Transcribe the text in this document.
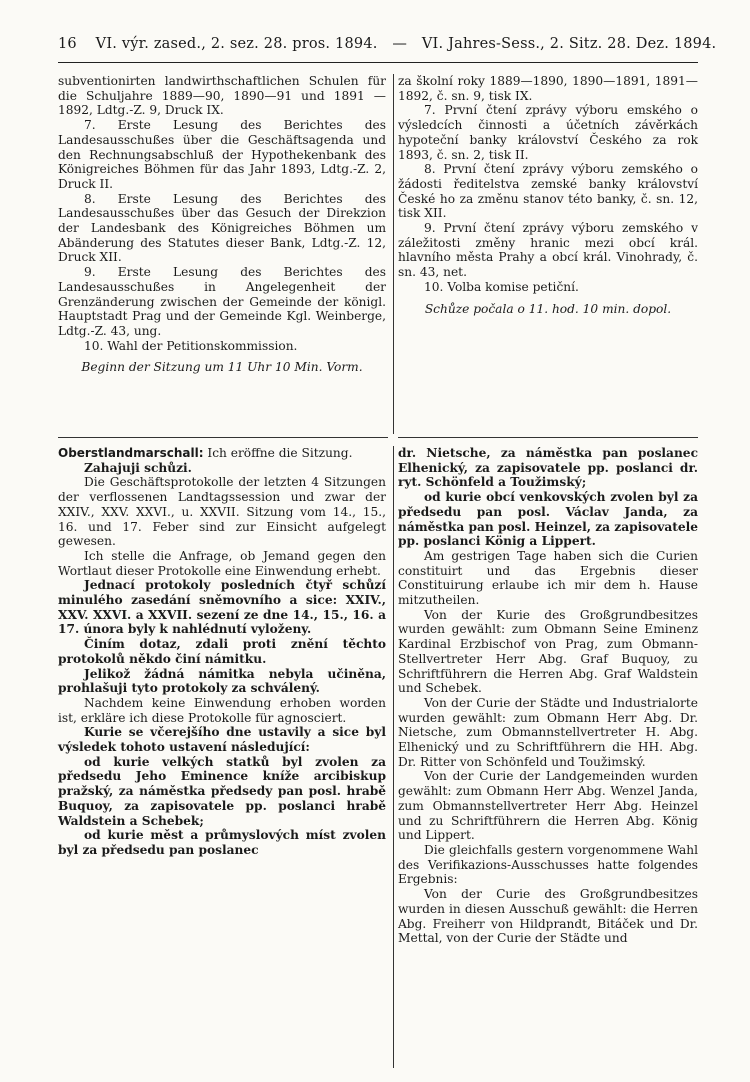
16 VI. výr. zased., 2. sez. 28. pros. 1894. — VI. Jahres-Sess., 2. Sitz. 28. Dez. 1894.

subventionirten landwirthschaftlichen Schulen für die Schuljahre 1889—90, 1890—91 und 1891 —1892, Ldtg.-Z. 9, Druck IX.

7. Erste Lesung des Berichtes des Landesausschußes über die Geschäftsagenda und den Rechnungsabschluß der Hypothekenbank des Königreiches Böhmen für das Jahr 1893, Ldtg.-Z. 2, Druck II.

8. Erste Lesung des Berichtes des Landesausschußes über das Gesuch der Direkzion der Landesbank des Königreiches Böhmen um Abänderung des Statutes dieser Bank, Ldtg.-Z. 12, Druck XII.

9. Erste Lesung des Berichtes des Landesausschußes in Angelegenheit der Grenzänderung zwischen der Gemeinde der königl. Hauptstadt Prag und der Gemeinde Kgl. Weinberge, Ldtg.-Z. 43, ung.

10. Wahl der Petitionskommission.

Beginn der Sitzung um 11 Uhr 10 Min. Vorm.

za školní roky 1889—1890, 1890—1891, 1891—1892, č. sn. 9, tisk IX.

7. První čtení zprávy výboru emského o výsledcích činnosti a účetních závěrkách hypoteční banky království Českého za rok 1893, č. sn. 2, tisk II.

8. První čtení zprávy výboru zemského o žádosti ředitelstva zemské banky království České ho za změnu stanov této banky, č. sn. 12, tisk XII.

9. První čtení zprávy výboru zemského v záležitosti změny hranic mezi obcí král. hlavního města Prahy a obcí král. Vinohrady, č. sn. 43, net.

10. Volba komise petiční.

Schůze počala o 11. hod. 10 min. dopol.

Oberstlandmarschall: Ich eröffne die Sitzung.

Zahajuji schůzi.

Die Geschäftsprotokolle der letzten 4 Sitzungen der verflossenen Landtagssession und zwar der XXIV., XXV. XXVI., u. XXVII. Sitzung vom 14., 15., 16. und 17. Feber sind zur Einsicht aufgelegt gewesen.

Ich stelle die Anfrage, ob Jemand gegen den Wortlaut dieser Protokolle eine Einwendung erhebt.

Jednací protokoly posledních čtyř schůzí minulého zasedání sněmovního a sice: XXIV., XXV. XXVI. a XXVII. sezení ze dne 14., 15., 16. a 17. února byly k nahlédnutí vyloženy.

Činím dotaz, zdali proti znění těchto protokolů někdo činí námitku.

Jelikož žádná námitka nebyla učiněna, prohlašuji tyto protokoly za schválený.

Nachdem keine Einwendung erhoben worden ist, erkläre ich diese Protokolle für agnosciert.

Kurie se včerejšího dne ustavily a sice byl výsledek tohoto ustavení následující:

od kurie velkých statků byl zvolen za předsedu Jeho Eminence kníže arcibiskup pražský, za náměstka předsedy pan posl. hrabě Buquoy, za zapisovatele pp. poslanci hrabě Waldstein a Schebek;

od kurie měst a průmyslových míst zvolen byl za předsedu pan poslanec

dr. Nietsche, za náměstka pan poslanec Elhenický, za zapisovatele pp. poslanci dr. ryt. Schönfeld a Toužimský;

od kurie obcí venkovských zvolen byl za předsedu pan posl. Václav Janda, za náměstka pan posl. Heinzel, za zapisovatele pp. poslanci König a Lippert.

Am gestrigen Tage haben sich die Curien constituirt und das Ergebnis dieser Constituirung erlaube ich mir dem h. Hause mitzutheilen.

Von der Kurie des Großgrundbesitzes wurden gewählt: zum Obmann Seine Eminenz Kardinal Erzbischof von Prag, zum Obmann-Stellvertreter Herr Abg. Graf Buquoy, zu Schriftführern die Herren Abg. Graf Waldstein und Schebek.

Von der Curie der Städte und Industrialorte wurden gewählt: zum Obmann Herr Abg. Dr. Nietsche, zum Obmannstellvertreter H. Abg. Elhenický und zu Schriftführern die HH. Abg. Dr. Ritter von Schönfeld und Toužimský.

Von der Curie der Landgemeinden wurden gewählt: zum Obmann Herr Abg. Wenzel Janda, zum Obmannstellvertreter Herr Abg. Heinzel und zu Schriftführern die Herren Abg. König und Lippert.

Die gleichfalls gestern vorgenommene Wahl des Verifikazions-Ausschusses hatte folgendes Ergebnis:

Von der Curie des Großgrundbesitzes wurden in diesen Ausschuß gewählt: die Herren Abg. Freiherr von Hildprandt, Bitáček und Dr. Mettal, von der Curie der Städte und
